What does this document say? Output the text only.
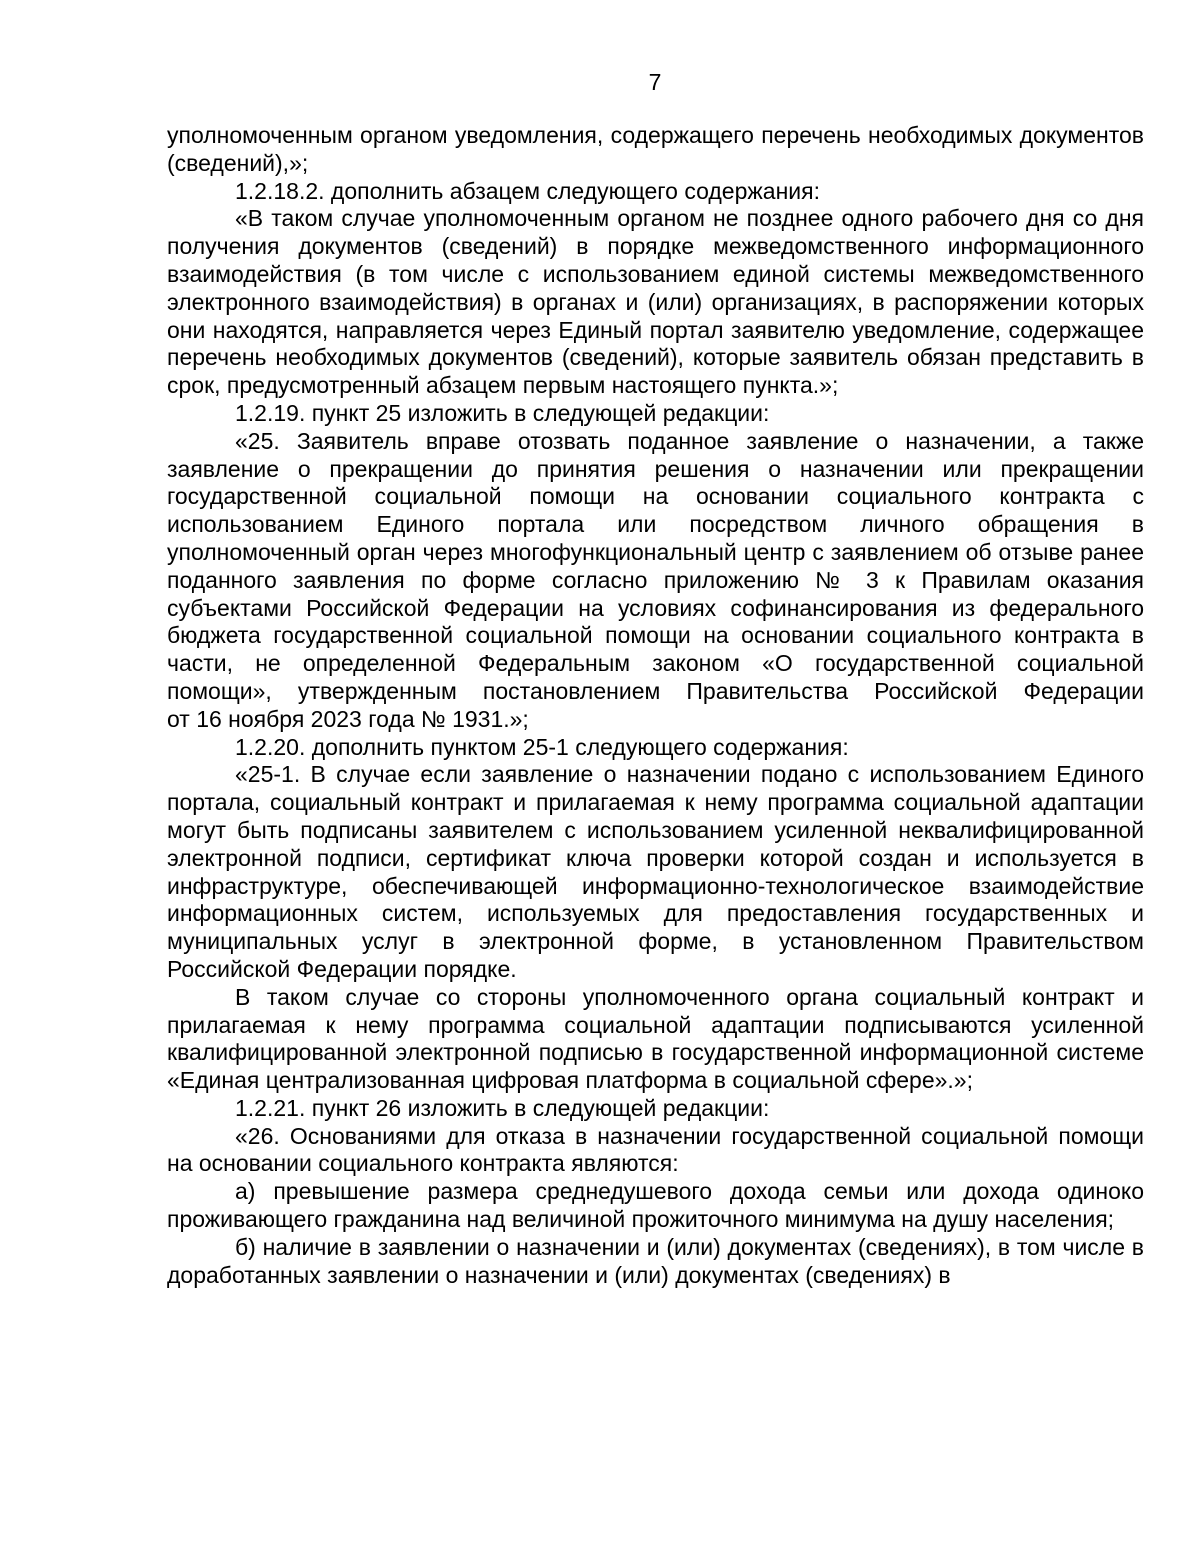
7

уполномоченным органом уведомления, содержащего перечень необходимых документов (сведений),»;

1.2.18.2. дополнить абзацем следующего содержания:

«В таком случае уполномоченным органом не позднее одного рабочего дня со дня получения документов (сведений) в порядке межведомственного информационного взаимодействия (в том числе с использованием единой системы межведомственного электронного взаимодействия) в органах и (или) организациях, в распоряжении которых они находятся, направляется через Единый портал заявителю уведомление, содержащее перечень необходимых документов (сведений), которые заявитель обязан представить в срок, предусмотренный абзацем первым настоящего пункта.»;

1.2.19. пункт 25 изложить в следующей редакции:

«25. Заявитель вправе отозвать поданное заявление о назначении, а также заявление о прекращении до принятия решения о назначении или прекращении государственной социальной помощи на основании социального контракта с использованием Единого портала или посредством личного обращения в уполномоченный орган через многофункциональный центр с заявлением об отзыве ранее поданного заявления по форме согласно приложению № 3 к Правилам оказания субъектами Российской Федерации на условиях софинансирования из федерального бюджета государственной социальной помощи на основании социального контракта в части, не определенной Федеральным законом «О государственной социальной помощи», утвержденным постановлением Правительства Российской Федерации

от 16 ноября 2023 года № 1931.»;

1.2.20. дополнить пунктом 25-1 следующего содержания:

«25-1. В случае если заявление о назначении подано с использованием Единого портала, социальный контракт и прилагаемая к нему программа социальной адаптации могут быть подписаны заявителем с использованием усиленной неквалифицированной электронной подписи, сертификат ключа проверки которой создан и используется в инфраструктуре, обеспечивающей информационно-технологическое взаимодействие информационных систем, используемых для предоставления государственных и муниципальных услуг в электронной форме, в установленном Правительством Российской Федерации порядке.

В таком случае со стороны уполномоченного органа социальный контракт и прилагаемая к нему программа социальной адаптации подписываются усиленной квалифицированной электронной подписью в государственной информационной системе «Единая централизованная цифровая платформа в социальной сфере».»;

1.2.21. пункт 26 изложить в следующей редакции:

«26. Основаниями для отказа в назначении государственной социальной помощи на основании социального контракта являются:

а) превышение размера среднедушевого дохода семьи или дохода одиноко проживающего гражданина над величиной прожиточного минимума на душу населения;

б) наличие в заявлении о назначении и (или) документах (сведениях), в том числе в доработанных заявлении о назначении и (или) документах (сведениях) в
